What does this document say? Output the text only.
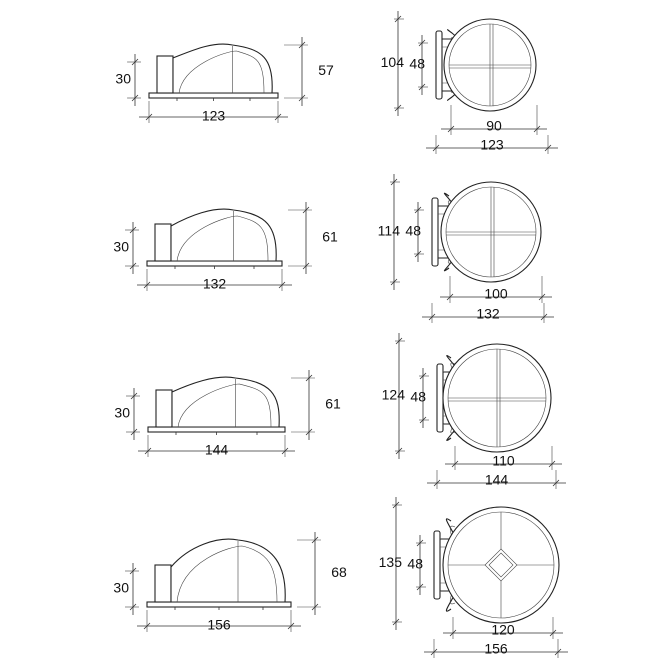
123
30
57	104 48
90
123
132
30
61	114 48
100
132
144
30
61
124 48
110
144
156
30
68
135 48
120
156
